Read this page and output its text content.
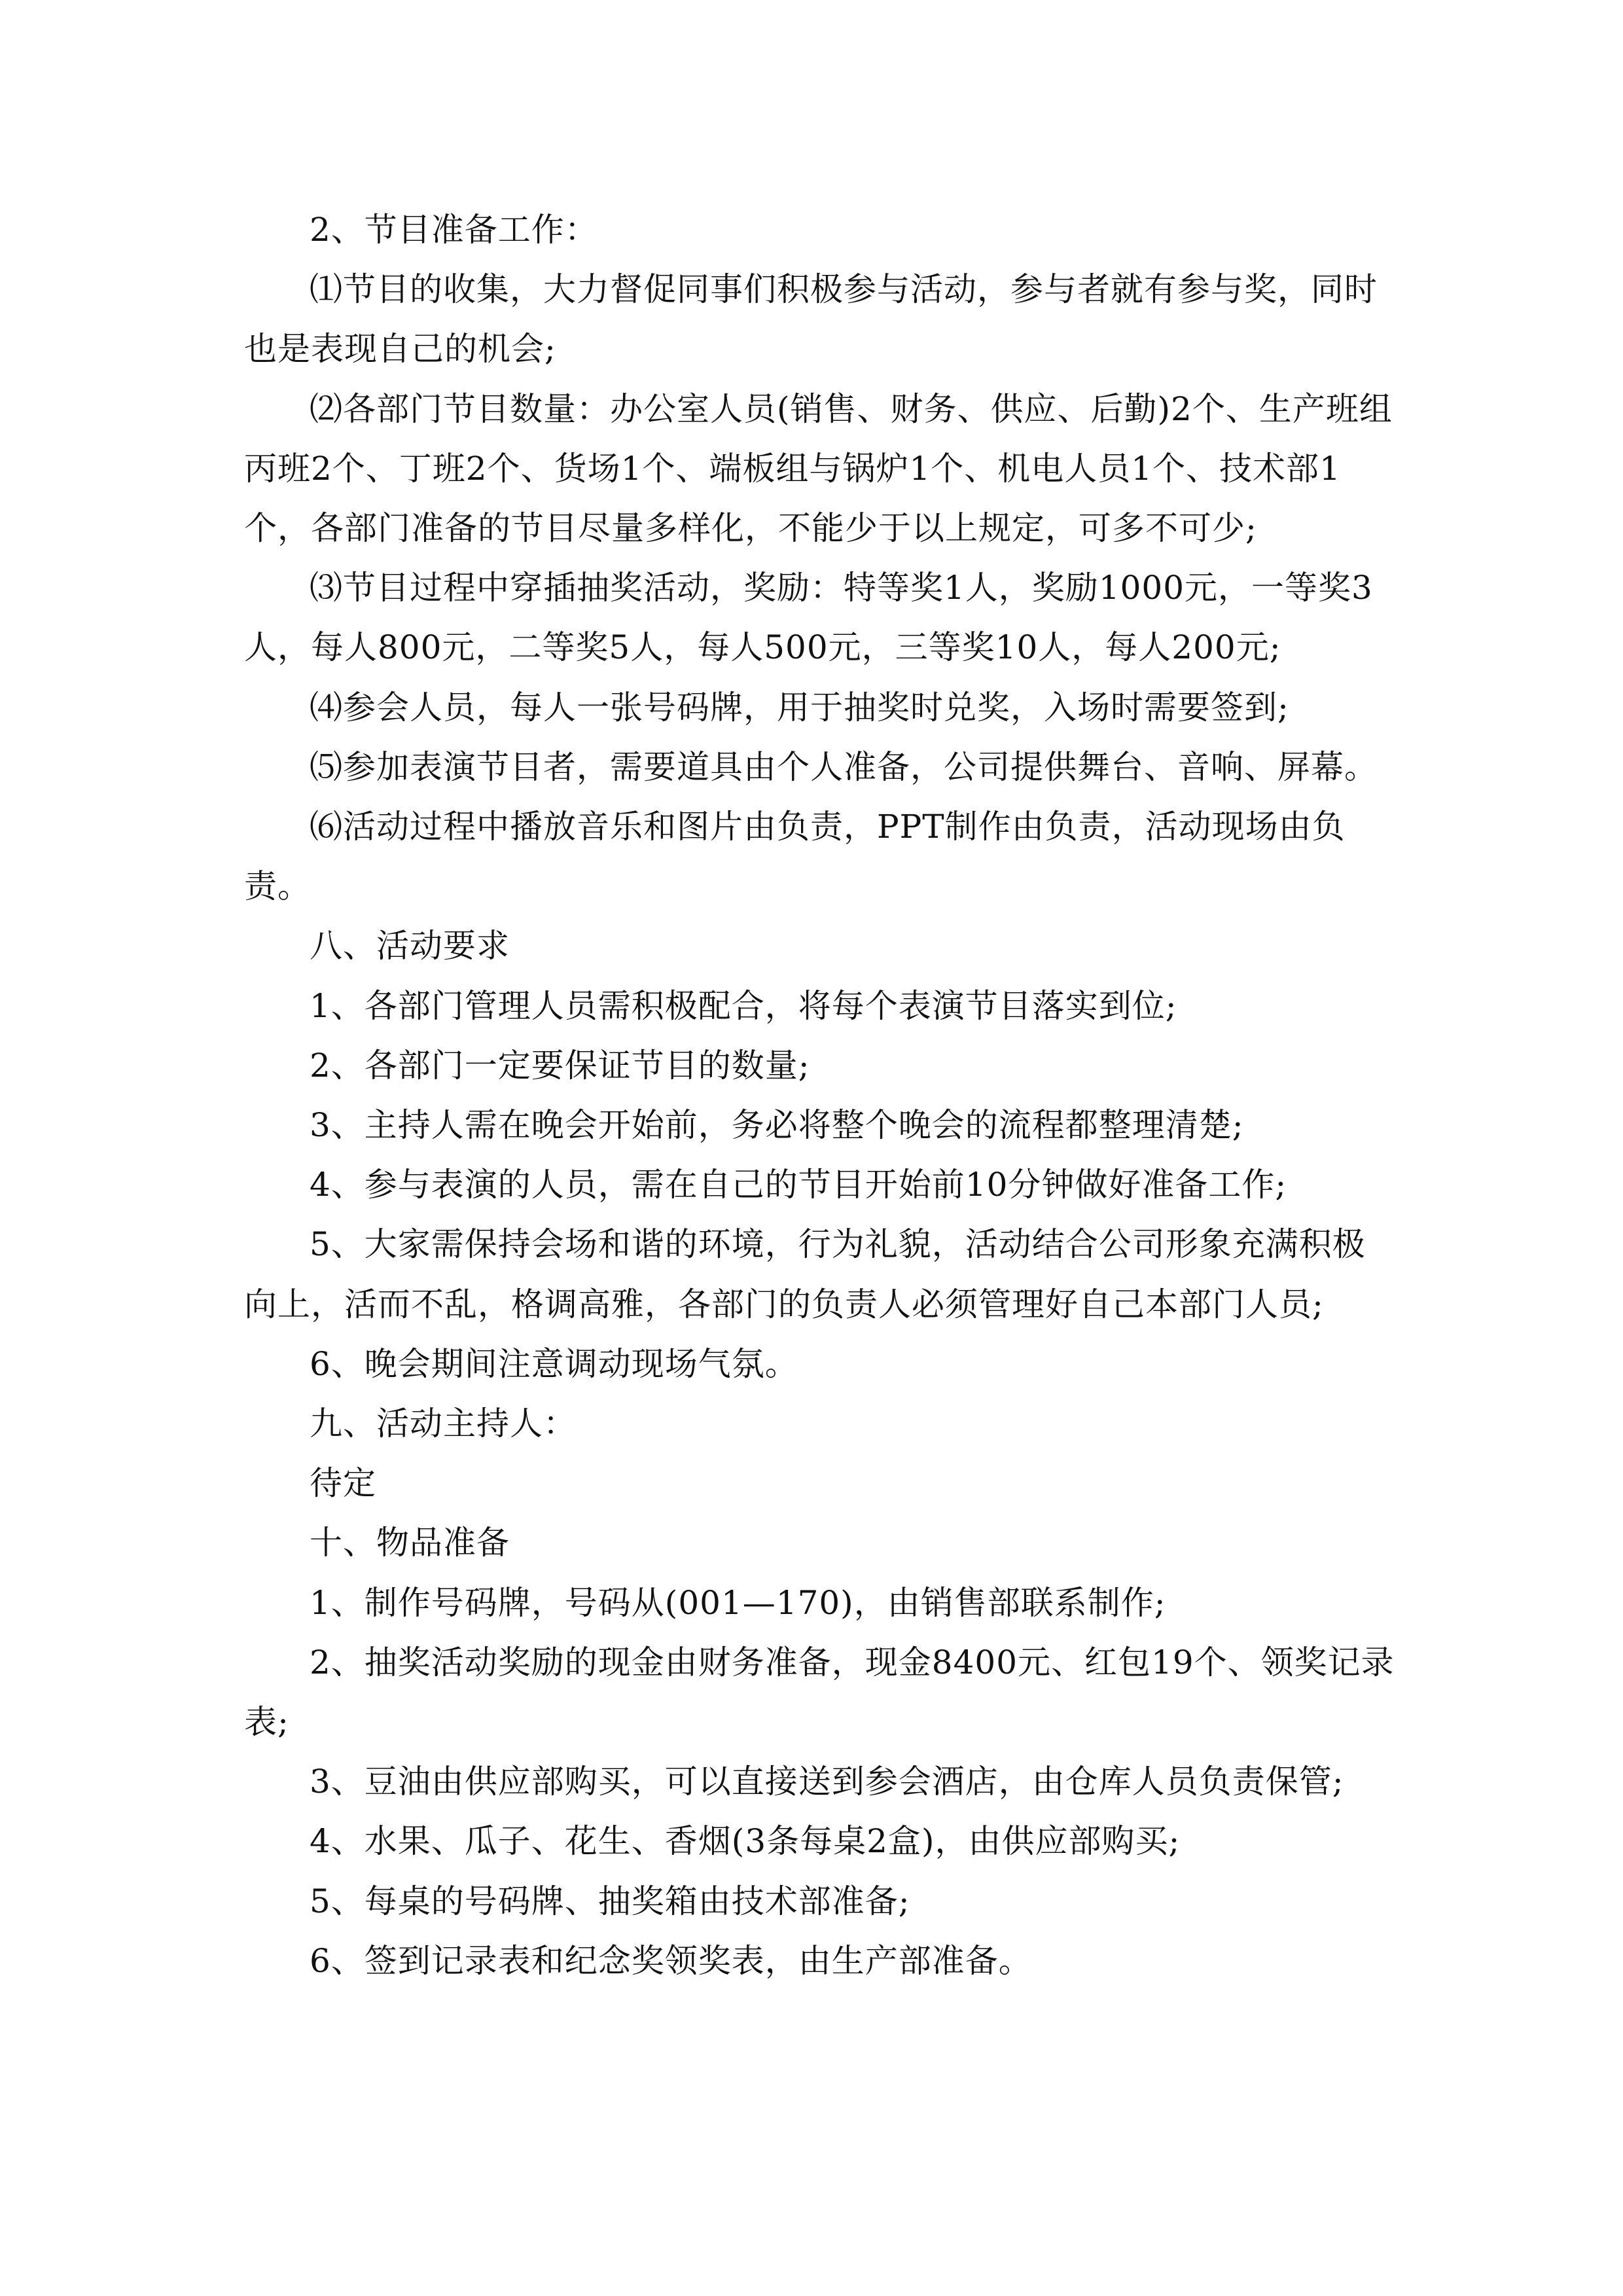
2、节目准备工作：

⑴节目的收集，大力督促同事们积极参与活动，参与者就有参与奖，同时也是表现自己的机会;

⑵各部门节目数量：办公室人员(销售、财务、供应、后勤)2个、生产班组丙班2个、丁班2个、货场1个、端板组与锅炉1个、机电人员1个、技术部1个，各部门准备的节目尽量多样化，不能少于以上规定，可多不可少;

⑶节目过程中穿插抽奖活动，奖励：特等奖1人，奖励1000元，一等奖3人，每人800元，二等奖5人，每人500元，三等奖10人，每人200元;

⑷参会人员，每人一张号码牌，用于抽奖时兑奖，入场时需要签到;

⑸参加表演节目者，需要道具由个人准备，公司提供舞台、音响、屏幕。

⑹活动过程中播放音乐和图片由负责，PPT制作由负责，活动现场由负责。

八、活动要求

1、各部门管理人员需积极配合，将每个表演节目落实到位;

2、各部门一定要保证节目的数量;

3、主持人需在晚会开始前，务必将整个晚会的流程都整理清楚;

4、参与表演的人员，需在自己的节目开始前10分钟做好准备工作;

5、大家需保持会场和谐的环境，行为礼貌，活动结合公司形象充满积极向上，活而不乱，格调高雅，各部门的负责人必须管理好自己本部门人员;

6、晚会期间注意调动现场气氛。

九、活动主持人：

待定

十、物品准备

1、制作号码牌，号码从(001—170)，由销售部联系制作;

2、抽奖活动奖励的现金由财务准备，现金8400元、红包19个、领奖记录表;

3、豆油由供应部购买，可以直接送到参会酒店，由仓库人员负责保管;

4、水果、瓜子、花生、香烟(3条每桌2盒)，由供应部购买;

5、每桌的号码牌、抽奖箱由技术部准备;

6、签到记录表和纪念奖领奖表，由生产部准备。
